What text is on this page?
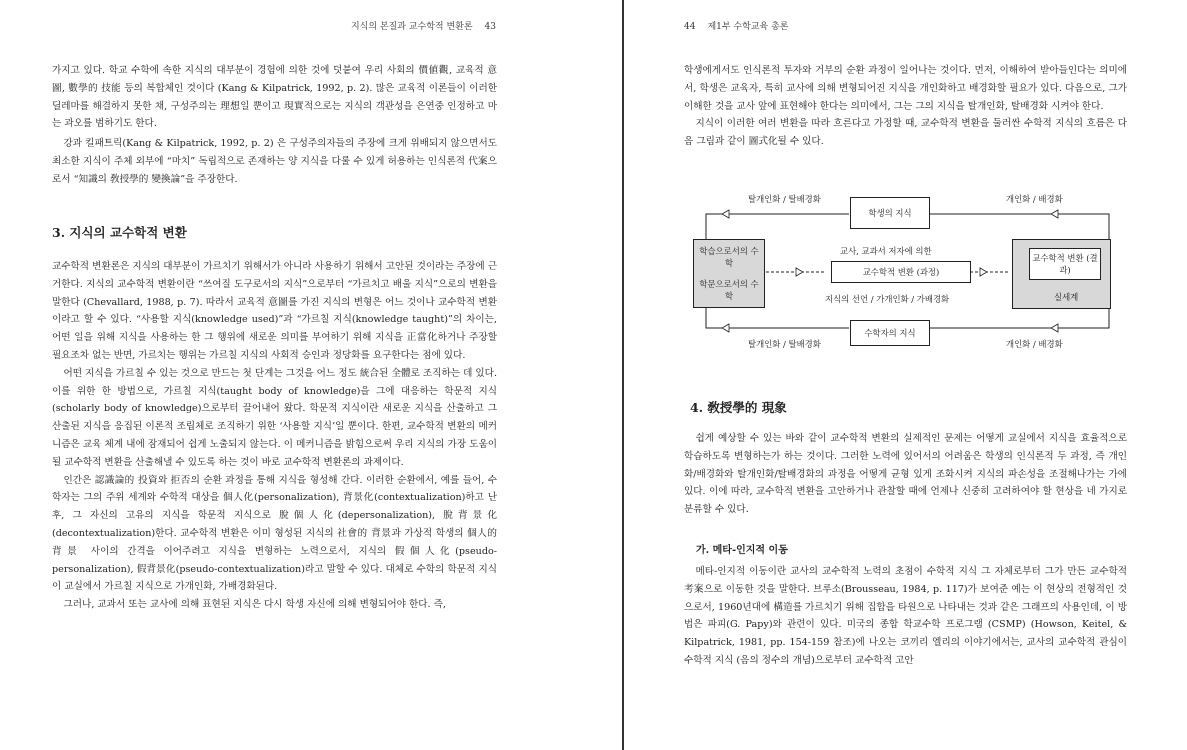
지식의 본질과 교수학적 변환론 43

가지고 있다. 학교 수학에 속한 지식의 대부분이 경험에 의한 것에 덧붙여 우리 사회의 價値觀, 교육적 意圖, 數學的 技能 등의 복합체인 것이다 (Kang & Kilpatrick, 1992, p. 2). 많은 교육적 이론들이 이러한 딜레마를 해결하지 못한 채, 구성주의는 理想일 뿐이고 現實적으로는 지식의 객관성을 은연중 인정하고 마는 과오를 범하기도 한다.

강과 킬패트릭(Kang & Kilpatrick, 1992, p. 2) 은 구성주의자들의 주장에 크게 위배되지 않으면서도 최소한 지식이 주체 외부에 “마치” 독립적으로 존재하는 양 지식을 다룰 수 있게 허용하는 인식론적 代案으로서 “知識의 敎授學的 變換論”을 주장한다.

3. 지식의 교수학적 변환

교수학적 변환론은 지식의 대부분이 가르치기 위해서가 아니라 사용하기 위해서 고안된 것이라는 주장에 근거한다. 지식의 교수학적 변환이란 “쓰여질 도구로서의 지식”으로부터 “가르치고 배울 지식”으로의 변환을 말한다 (Chevallard, 1988, p. 7). 따라서 교육적 意圖를 가진 지식의 변형은 어느 것이나 교수학적 변환이라고 할 수 있다. “사용할 지식(knowledge used)”과 “가르칠 지식(knowledge taught)”의 차이는, 어떤 일을 위해 지식을 사용하는 한 그 행위에 새로운 의미를 부여하기 위해 지식을 正當化하거나 주장할 필요조차 없는 반면, 가르치는 행위는 가르칠 지식의 사회적 승인과 정당화를 요구한다는 점에 있다.

어떤 지식을 가르칠 수 있는 것으로 만드는 첫 단계는 그것을 어느 정도 統合된 全體로 조직하는 데 있다. 이를 위한 한 방법으로, 가르칠 지식(taught body of knowledge)을 그에 대응하는 학문적 지식(scholarly body of knowledge)으로부터 끌어내어 왔다. 학문적 지식이란 새로운 지식을 산출하고 그 산출된 지식을 응집된 이론적 조립체로 조직하기 위한 ‘사용할 지식’일 뿐이다. 한편, 교수학적 변환의 메커니즘은 교육 체계 내에 잠재되어 쉽게 노출되지 않는다. 이 메커니즘을 밝힘으로써 우리 지식의 가장 도움이 될 교수학적 변환을 산출해낼 수 있도록 하는 것이 바로 교수학적 변환론의 과제이다.

인간은 認識論的 投資와 拒否의 순환 과정을 통해 지식을 형성해 간다. 이러한 순환에서, 예를 들어, 수학자는 그의 주위 세계와 수학적 대상을 個人化(personalization), 背景化(contextualization)하고 난 후, 그 자신의 고유의 지식을 학문적 지식으로 脫個人化(depersonalization), 脫背景化(decontextualization)한다. 교수학적 변환은 이미 형성된 지식의 社會的 背景과 가상적 학생의 個人的 背景 사이의 간격을 이어주려고 지식을 변형하는 노력으로서, 지식의 假個人化(pseudo-personalization), 假背景化(pseudo-contextualization)라고 말할 수 있다. 대체로 수학의 학문적 지식이 교실에서 가르칠 지식으로 가개인화, 가배경화된다.

그러나, 교과서 또는 교사에 의해 표현된 지식은 다시 학생 자신에 의해 변형되어야 한다. 즉,

44 제1부 수학교육 총론

학생에게서도 인식론적 투자와 거부의 순환 과정이 일어나는 것이다. 먼저, 이해하여 받아들인다는 의미에서, 학생은 교육자, 특히 교사에 의해 변형되어진 지식을 개인화하고 배경화할 필요가 있다. 다음으로, 그가 이해한 것을 교사 앞에 표현해야 한다는 의미에서, 그는 그의 지식을 탈개인화, 탈배경화 시켜야 한다.

지식이 이러한 여러 변환을 따라 흐른다고 가정할 때, 교수학적 변환을 둘러싼 수학적 지식의 흐름은 다음 그림과 같이 圖式化될 수 있다.

탈개인화 / 탈배경화
학생의 지식
개인화 / 배경화
학습으로서의 수 학
학문으로서의 수 학
교사, 교과서 저자에 의한
교수학적 변환 (과정)
지식의 선언 / 가개인화 / 가배경화
교수학적 변환 (결과)
실세계
수학자의 지식
탈개인화 / 탈배경화	개인화 / 배경화
4. 敎授學的 現象

쉽게 예상할 수 있는 바와 같이 교수학적 변환의 실제적인 문제는 어떻게 교실에서 지식을 효율적으로 학습하도록 변형하는가 하는 것이다. 그러한 노력에 있어서의 어려움은 학생의 인식론적 두 과정, 즉 개인화/배경화와 탈개인화/탈배경화의 과정을 어떻게 균형 있게 조화시켜 지식의 파손성을 조절해나가는 가에 있다. 이에 따라, 교수학적 변환을 고안하거나 관찰할 때에 언제나 신중히 고려하여야 할 현상을 네 가지로 분류할 수 있다.

가. 메타-인지적 이동

메타-인지적 이동이란 교사의 교수학적 노력의 초점이 수학적 지식 그 자체로부터 그가 만든 교수학적 考案으로 이동한 것을 말한다. 브루소(Brousseau, 1984, p. 117)가 보여준 예는 이 현상의 전형적인 것으로서, 1960년대에 構造를 가르치기 위해 집합을 타원으로 나타내는 것과 같은 그래프의 사용인데, 이 방법은 파피(G. Papy)와 관련이 있다. 미국의 종합 학교수학 프로그램 (CSMP) (Howson, Keitel, & Kilpatrick, 1981, pp. 154-159 참조)에 나오는 코끼리 엘리의 이야기에서는, 교사의 교수학적 관심이 수학적 지식 (음의 정수의 개념)으로부터 교수학적 고안
